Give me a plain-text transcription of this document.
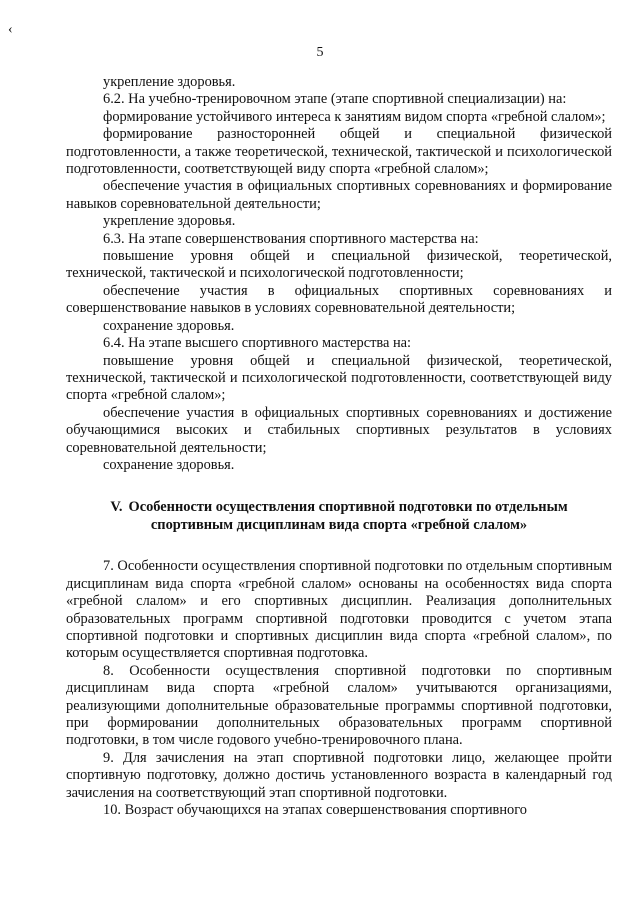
‹
5

укрепление здоровья.

6.2. На учебно-тренировочном этапе (этапе спортивной специализации) на:

формирование устойчивого интереса к занятиям видом спорта «гребной слалом»;

формирование разносторонней общей и специальной физической подготовленности, а также теоретической, технической, тактической и психологической подготовленности, соответствующей виду спорта «гребной слалом»;

обеспечение участия в официальных спортивных соревнованиях и формирование навыков соревновательной деятельности;

укрепление здоровья.

6.3. На этапе совершенствования спортивного мастерства на:

повышение уровня общей и специальной физической, теоретической, технической, тактической и психологической подготовленности;

обеспечение участия в официальных спортивных соревнованиях и совершенствование навыков в условиях соревновательной деятельности;

сохранение здоровья.

6.4. На этапе высшего спортивного мастерства на:

повышение уровня общей и специальной физической, теоретической, технической, тактической и психологической подготовленности, соответствующей виду спорта «гребной слалом»;

обеспечение участия в официальных спортивных соревнованиях и достижение обучающимися высоких и стабильных спортивных результатов в условиях соревновательной деятельности;

сохранение здоровья.

V. Особенности осуществления спортивной подготовки по отдельным спортивным дисциплинам вида спорта «гребной слалом»

7. Особенности осуществления спортивной подготовки по отдельным спортивным дисциплинам вида спорта «гребной слалом» основаны на особенностях вида спорта «гребной слалом» и его спортивных дисциплин. Реализация дополнительных образовательных программ спортивной подготовки проводится с учетом этапа спортивной подготовки и спортивных дисциплин вида спорта «гребной слалом», по которым осуществляется спортивная подготовка.

8. Особенности осуществления спортивной подготовки по спортивным дисциплинам вида спорта «гребной слалом» учитываются организациями, реализующими дополнительные образовательные программы спортивной подготовки, при формировании дополнительных образовательных программ спортивной подготовки, в том числе годового учебно-тренировочного плана.

9. Для зачисления на этап спортивной подготовки лицо, желающее пройти спортивную подготовку, должно достичь установленного возраста в календарный год зачисления на соответствующий этап спортивной подготовки.

10. Возраст обучающихся на этапах совершенствования спортивного
